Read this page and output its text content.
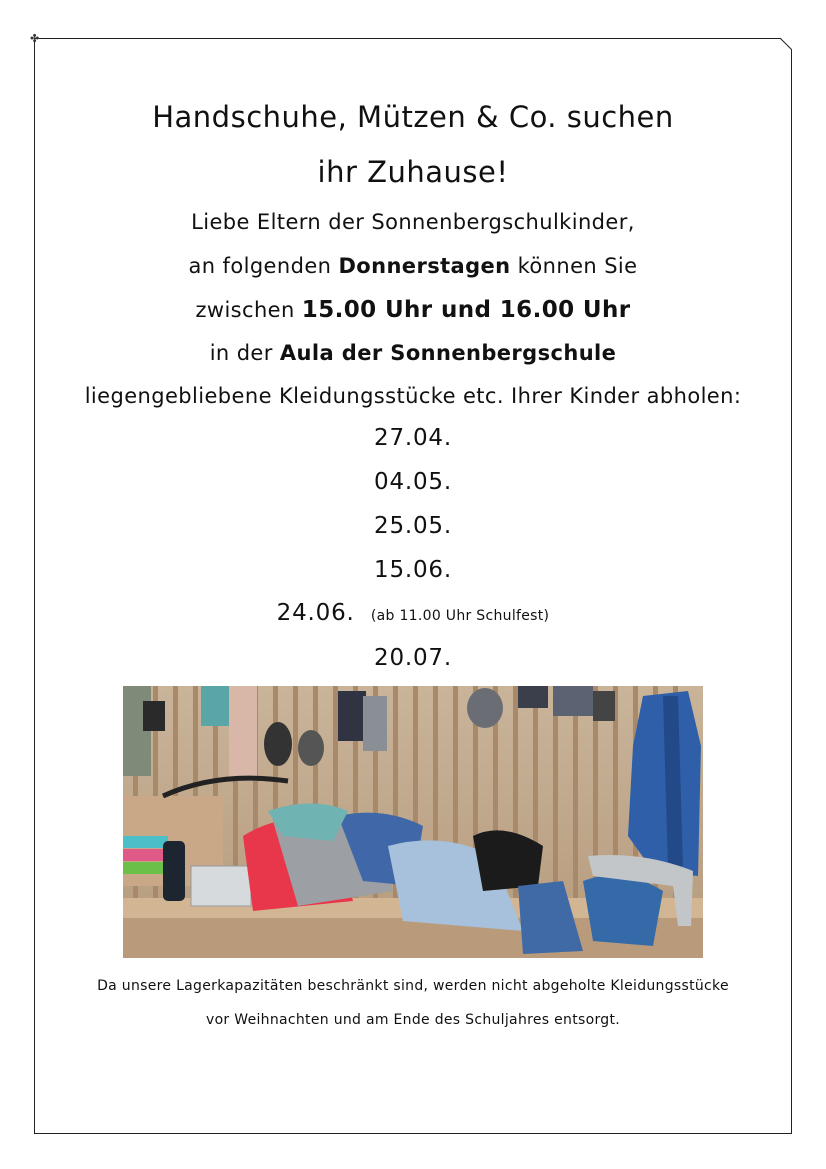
✤
Handschuhe, Mützen & Co. suchen
ihr Zuhause!
Liebe Eltern der Sonnenbergschulkinder,
an folgenden Donnerstagen können Sie
zwischen 15.00 Uhr und 16.00 Uhr
in der Aula der Sonnenbergschule
liegengebliebene Kleidungsstücke etc. Ihrer Kinder abholen:
27.04.
04.05.
25.05.
15.06.
24.06. (ab 11.00 Uhr Schulfest)
20.07.
Da unsere Lagerkapazitäten beschränkt sind, werden nicht abgeholte Kleidungsstücke
vor Weihnachten und am Ende des Schuljahres entsorgt.
